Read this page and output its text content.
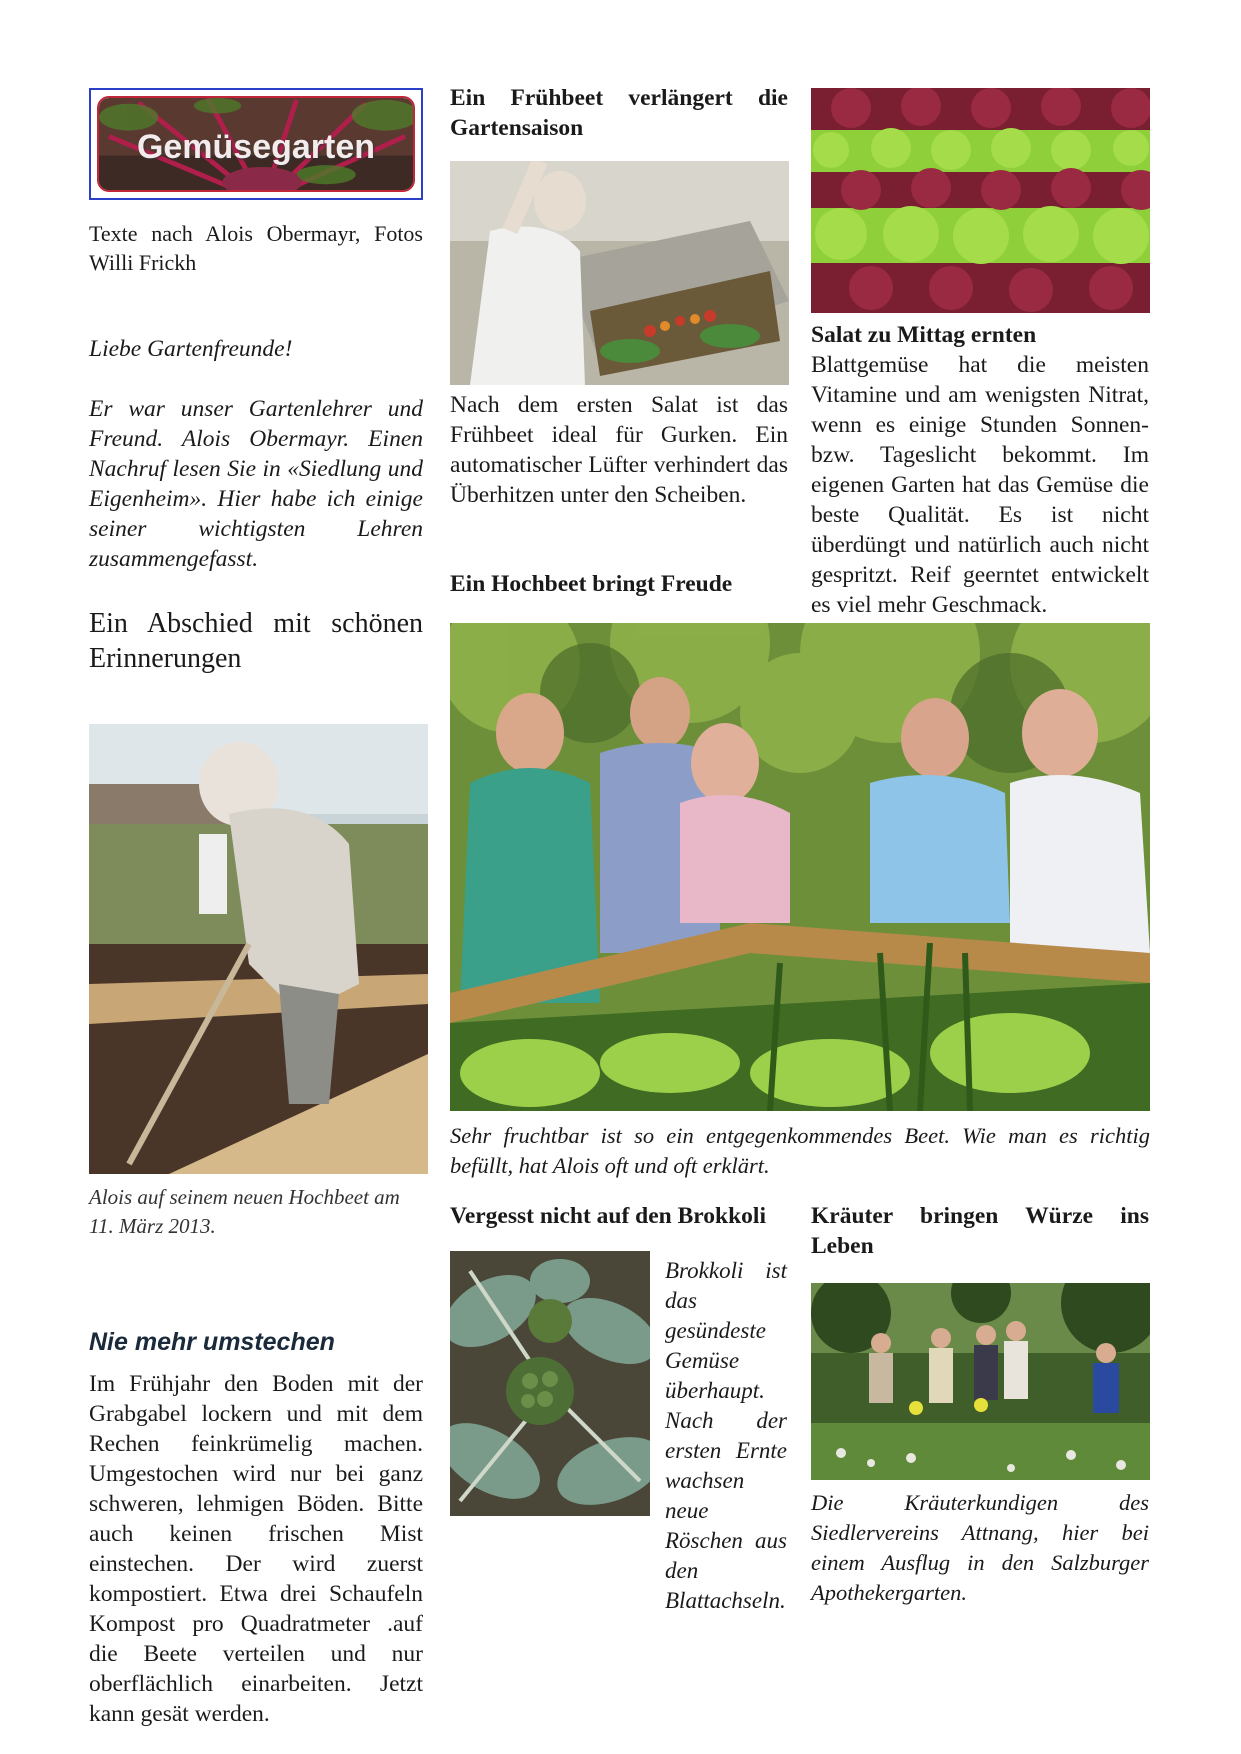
Gemüsegarten
Texte nach Alois Obermayr, Fotos Willi Frickh
Liebe Gartenfreunde!
Er war unser Gartenlehrer und Freund. Alois Obermayr. Einen Nachruf lesen Sie in «Siedlung und Eigenheim». Hier habe ich einige seiner wichtigsten Lehren zusammengefasst.
Ein Abschied mit schönen Erinnerungen
Alois auf seinem neuen Hochbeet am 11. März 2013.
Nie mehr umstechen
Im Frühjahr den Boden mit der Grabgabel lockern und mit dem Rechen feinkrümelig machen. Umgestochen wird nur bei ganz schweren, lehmigen Böden. Bitte auch keinen frischen Mist einstechen. Der wird zuerst kompostiert. Etwa drei Schaufeln Kompost pro Quadratmeter .auf die Beete verteilen und nur oberflächlich einarbeiten. Jetzt kann gesät werden.
Ein Frühbeet verlängert die Gartensaison
Nach dem ersten Salat ist das Frühbeet ideal für Gurken. Ein automatischer Lüfter verhindert das Überhitzen unter den Scheiben.
Ein Hochbeet bringt Freude
Salat zu Mittag ernten
Blattgemüse hat die meisten Vitamine und am wenigsten Nitrat, wenn es einige Stunden Sonnen- bzw. Tageslicht bekommt. Im eigenen Garten hat das Gemüse die beste Qualität. Es ist nicht überdüngt und natürlich auch nicht gespritzt. Reif geerntet entwickelt es viel mehr Geschmack.
Sehr fruchtbar ist so ein entgegenkommendes Beet. Wie man es richtig befüllt, hat Alois oft und oft erklärt.
Vergesst nicht auf den Brokkoli
Brokkoli ist das gesündeste Gemüse überhaupt. Nach der ersten Ernte wachsen neue Röschen aus den Blattachseln.
Kräuter bringen Würze ins Leben
Die Kräuterkundigen des Siedlervereins Attnang, hier bei einem Ausflug in den Salzburger Apothekergarten.
